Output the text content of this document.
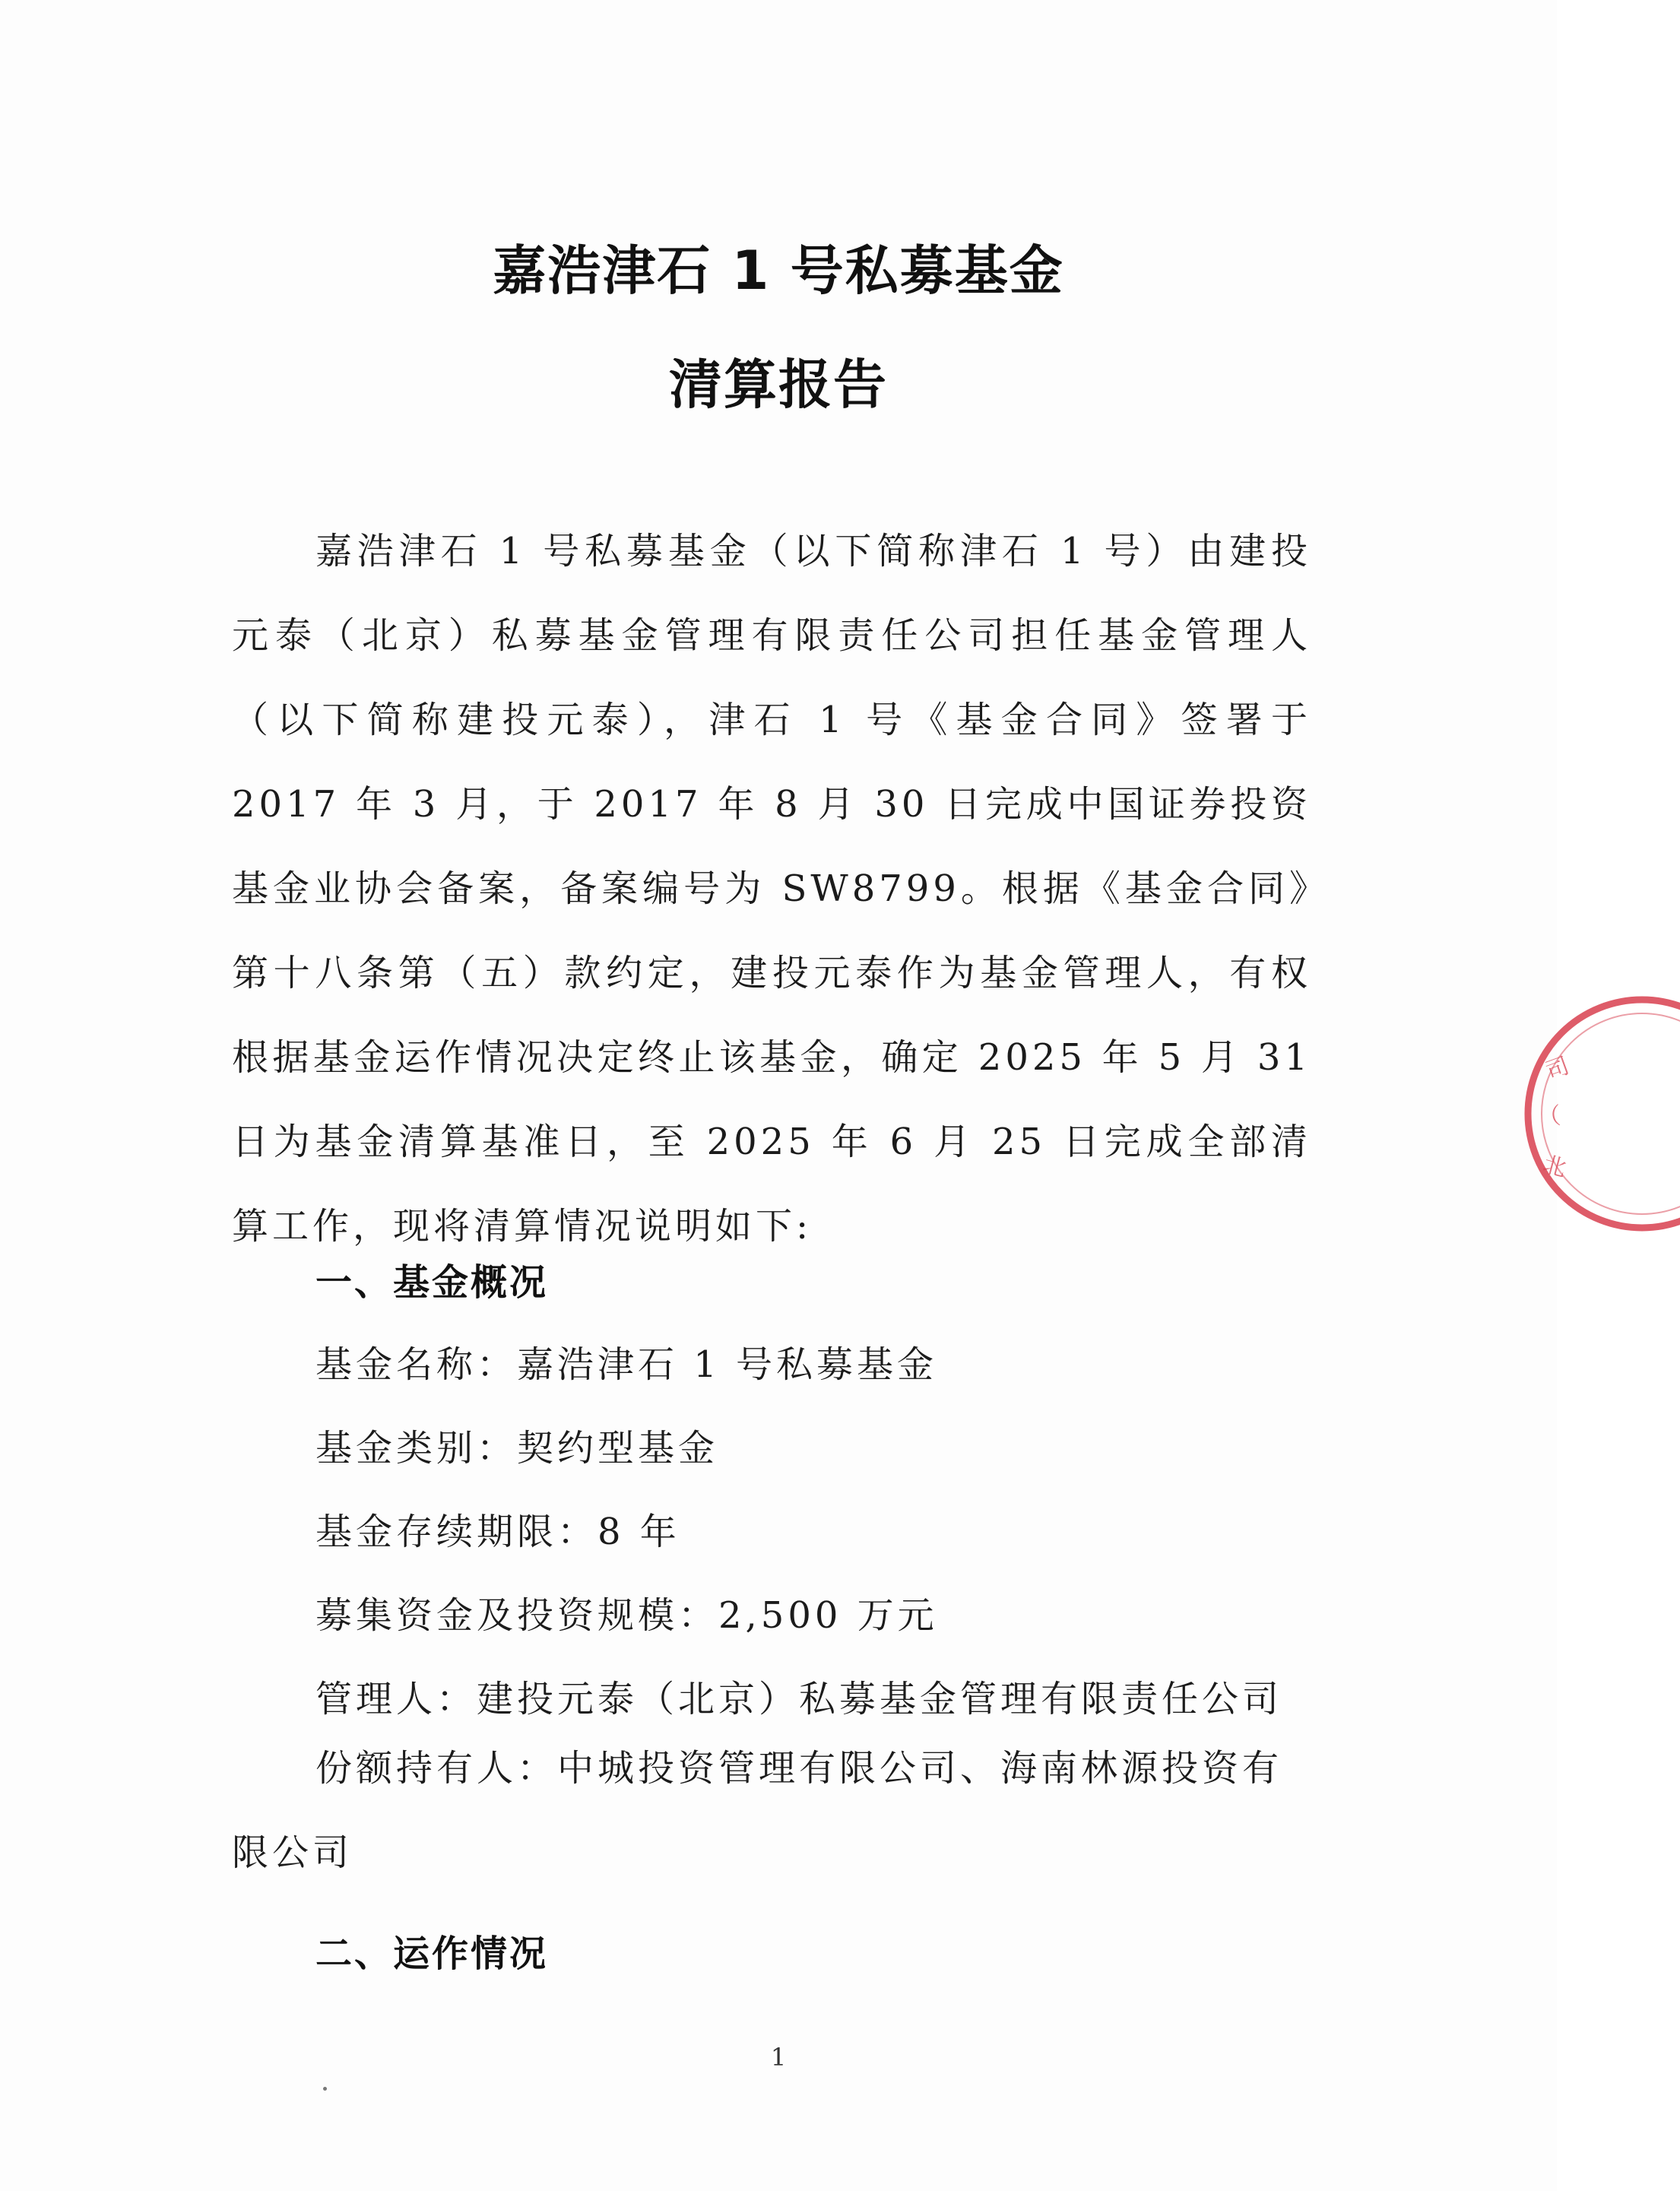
嘉浩津石 1 号私募基金
清算报告
嘉浩津石 1 号私募基金（以下简称津石 1 号）由建投元泰（北京）私募基金管理有限责任公司担任基金管理人（以下简称建投元泰），津石 1 号《基金合同》签署于 2017 年 3 月，于 2017 年 8 月 30 日完成中国证券投资基金业协会备案，备案编号为 SW8799。根据《基金合同》第十八条第（五）款约定，建投元泰作为基金管理人，有权根据基金运作情况决定终止该基金，确定 2025 年 5 月 31 日为基金清算基准日，至 2025 年 6 月 25 日完成全部清算工作，现将清算情况说明如下:
一、基金概况
基金名称：嘉浩津石 1 号私募基金
基金类别：契约型基金
基金存续期限：8 年
募集资金及投资规模：2,500 万元
管理人：建投元泰（北京）私募基金管理有限责任公司
份额持有人：中城投资管理有限公司、海南林源投资有限公司
二、运作情况
1
司
（
北
